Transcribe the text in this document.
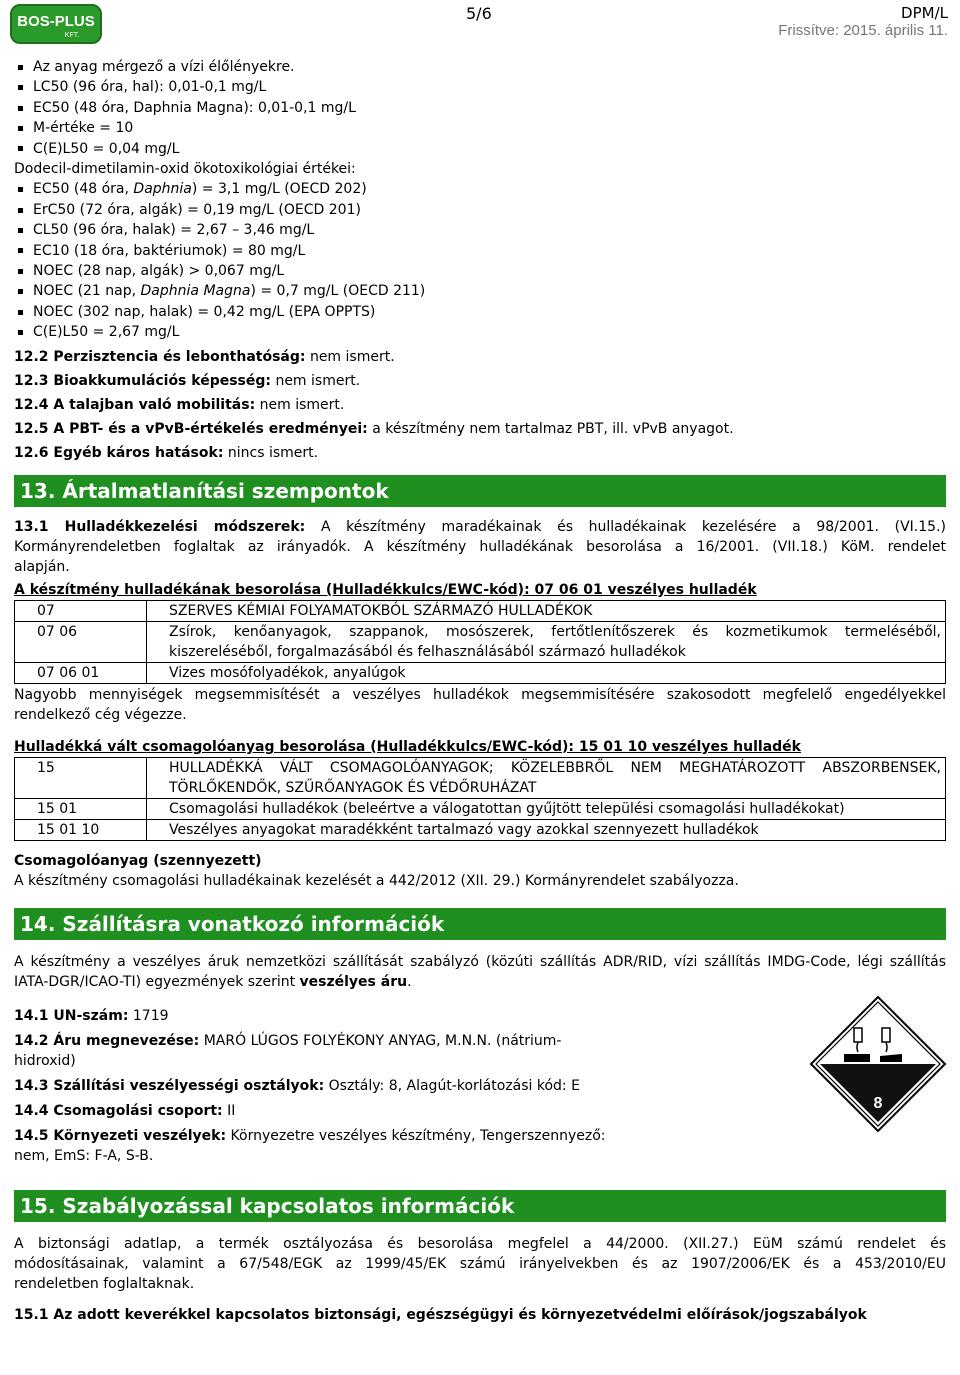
BOS-PLUS
KFT.
5/6	DPM/L
Frissítve: 2015. április 11.
Az anyag mérgező a vízi élőlényekre.
LC50 (96 óra, hal): 0,01-0,1 mg/L
EC50 (48 óra, Daphnia Magna): 0,01-0,1 mg/L
M-értéke = 10
C(E)L50 = 0,04 mg/L
Dodecil-dimetilamin-oxid ökotoxikológiai értékei:
EC50 (48 óra, Daphnia) = 3,1 mg/L (OECD 202)
ErC50 (72 óra, algák) = 0,19 mg/L (OECD 201)
CL50 (96 óra, halak) = 2,67 – 3,46 mg/L
EC10 (18 óra, baktériumok) = 80 mg/L
NOEC (28 nap, algák) > 0,067 mg/L
NOEC (21 nap, Daphnia Magna) = 0,7 mg/L (OECD 211)
NOEC (302 nap, halak) = 0,42 mg/L (EPA OPPTS)
C(E)L50 = 2,67 mg/L
12.2 Perzisztencia és lebonthatóság: nem ismert.
12.3 Bioakkumulációs képesség: nem ismert.
12.4 A talajban való mobilitás: nem ismert.
12.5 A PBT- és a vPvB-értékelés eredményei: a készítmény nem tartalmaz PBT, ill. vPvB anyagot.
12.6 Egyéb káros hatások: nincs ismert.
13. Ártalmatlanítási szempontok
13.1 Hulladékkezelési módszerek: A készítmény maradékainak és hulladékainak kezelésére a 98/2001. (VI.15.)
Kormányrendeletben foglaltak az irányadók. A készítmény hulladékának besorolása a 16/2001. (VII.18.) KöM. rendelet
alapján.
A készítmény hulladékának besorolása (Hulladékkulcs/EWC-kód): 07 06 01 veszélyes hulladék
07	SZERVES KÉMIAI FOLYAMATOKBÓL SZÁRMAZÓ HULLADÉKOK
07 06	Zsírok, kenőanyagok, szappanok, mosószerek, fertőtlenítőszerek és kozmetikumok termeléséből, kiszereléséből, forgalmazásából és felhasználásából származó hulladékok
07 06 01	Vizes mosófolyadékok, anyalúgok
Nagyobb mennyiségek megsemmisítését a veszélyes hulladékok megsemmisítésére szakosodott megfelelő engedélyekkel
rendelkező cég végezze.
Hulladékká vált csomagolóanyag besorolása (Hulladékkulcs/EWC-kód): 15 01 10 veszélyes hulladék
15	HULLADÉKKÁ VÁLT CSOMAGOLÓANYAGOK; KÖZELEBBRŐL NEM MEGHATÁROZOTT ABSZORBENSEK, TÖRLŐKENDŐK, SZŰRŐANYAGOK ÉS VÉDŐRUHÁZAT
15 01	Csomagolási hulladékok (beleértve a válogatottan gyűjtött települési csomagolási hulladékokat)
15 01 10	Veszélyes anyagokat maradékként tartalmazó vagy azokkal szennyezett hulladékok
Csomagolóanyag (szennyezett)
A készítmény csomagolási hulladékainak kezelését a 442/2012 (XII. 29.) Kormányrendelet szabályozza.
14. Szállításra vonatkozó információk
A készítmény a veszélyes áruk nemzetközi szállítását szabályzó (közúti szállítás ADR/RID, vízi szállítás IMDG-Code, légi szállítás
IATA-DGR/ICAO-TI) egyezmények szerint veszélyes áru.
14.1 UN-szám: 1719
14.2 Áru megnevezése: MARÓ LÚGOS FOLYÉKONY ANYAG, M.N.N. (nátrium-
hidroxid)
14.3 Szállítási veszélyességi osztályok: Osztály: 8, Alagút-korlátozási kód: E
14.4 Csomagolási csoport: II
14.5 Környezeti veszélyek: Környezetre veszélyes készítmény, Tengerszennyező:
nem, EmS: F-A, S-B.
8
15. Szabályozással kapcsolatos információk
A biztonsági adatlap, a termék osztályozása és besorolása megfelel a 44/2000. (XII.27.) EüM számú rendelet és
módosításainak, valamint a 67/548/EGK az 1999/45/EK számú irányelvekben és az 1907/2006/EK és a 453/2010/EU
rendeletben foglaltaknak.
15.1 Az adott keverékkel kapcsolatos biztonsági, egészségügyi és környezetvédelmi előírások/jogszabályok
